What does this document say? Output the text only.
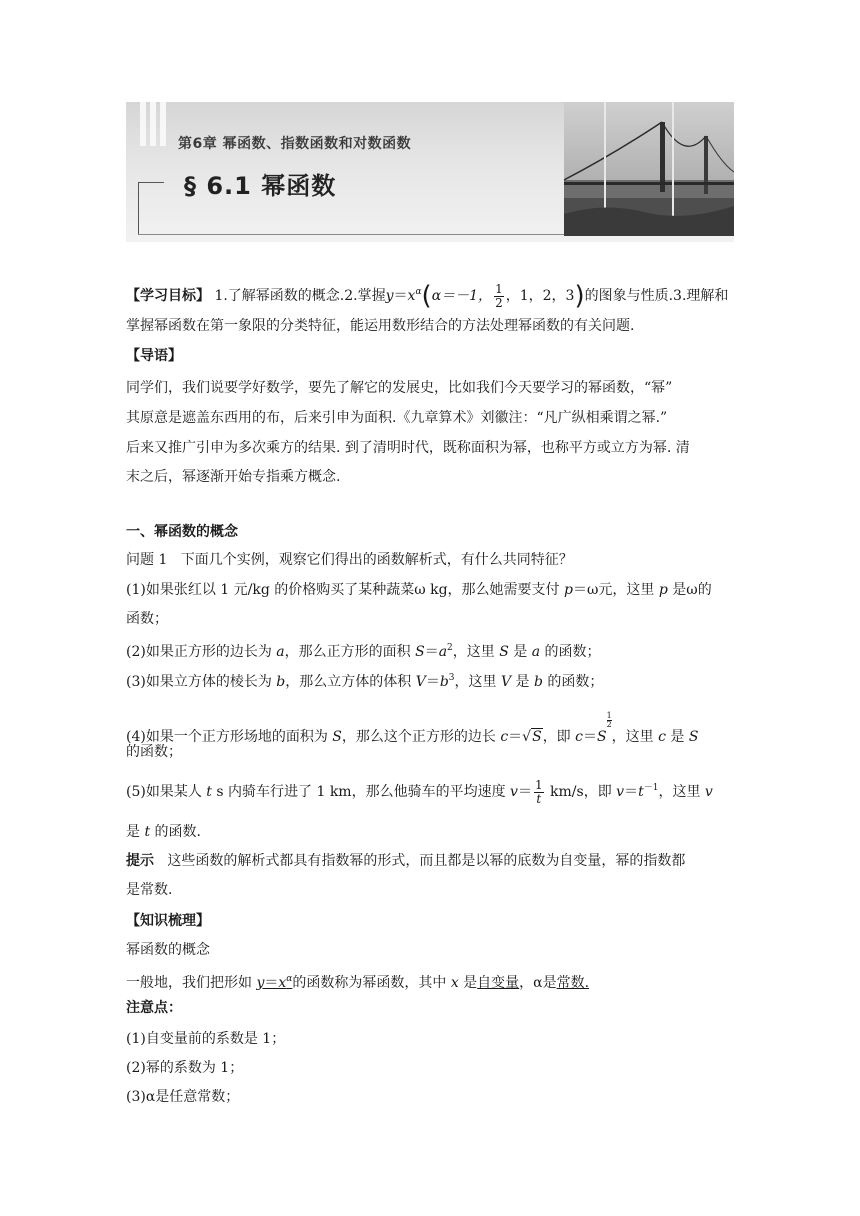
第6章 幂函数、指数函数和对数函数
§ 6.1 幂函数
【学习目标】 1.了解幂函数的概念.2.掌握$y=x^\alpha(\alpha=-1$， $\frac{1}{2}$ ，1，2，3)的图象与性质.3.理解和
掌握幂函数在第一象限的分类特征，能运用数形结合的方法处理幂函数的有关问题.
【导语】
同学们，我们说要学好数学，要先了解它的发展史，比如我们今天要学习的幂函数，“幂”
其原意是遮盖东西用的布，后来引申为面积.《九章算术》刘徽注：“凡广纵相乘谓之幂.”
后来又推广引申为多次乘方的结果. 到了清明时代，既称面积为幂，也称平方或立方为幂. 清
末之后，幂逐渐开始专指乘方概念.
一、幂函数的概念
问题 1 下面几个实例，观察它们得出的函数解析式，有什么共同特征？
(1)如果张红以 1 元/kg 的价格购买了某种蔬菜ω kg，那么她需要支付 p＝ω元，这里 p 是ω的
函数；
(2)如果正方形的边长为 a，那么正方形的面积 $S=a^2$，这里 S 是 a 的函数；
(3)如果立方体的棱长为 b，那么立方体的体积 $V=b^3$，这里 V 是 b 的函数；
(4)如果一个正方形场地的面积为 S，那么这个正方形的边长 c＝√S，即 c＝S
$\frac{1}{2}$，这里 c 是 S
的函数；
(5)如果某人 t s 内骑车行进了 1 km，那么他骑车的平均速度 $v= \frac{1}{t} km/s$，即 $v=t^{-1}$，这里 v
是 t 的函数.
提示 这些函数的解析式都具有指数幂的形式，而且都是以幂的底数为自变量，幂的指数都
是常数.
【知识梳理】
幂函数的概念
一般地，我们把形如 $y=x^\alpha$的函数称为幂函数，其中 x 是自变量，α是常数.
注意点：
(1)自变量前的系数是 1；
(2)幂的系数为 1；
(3)α是任意常数；
